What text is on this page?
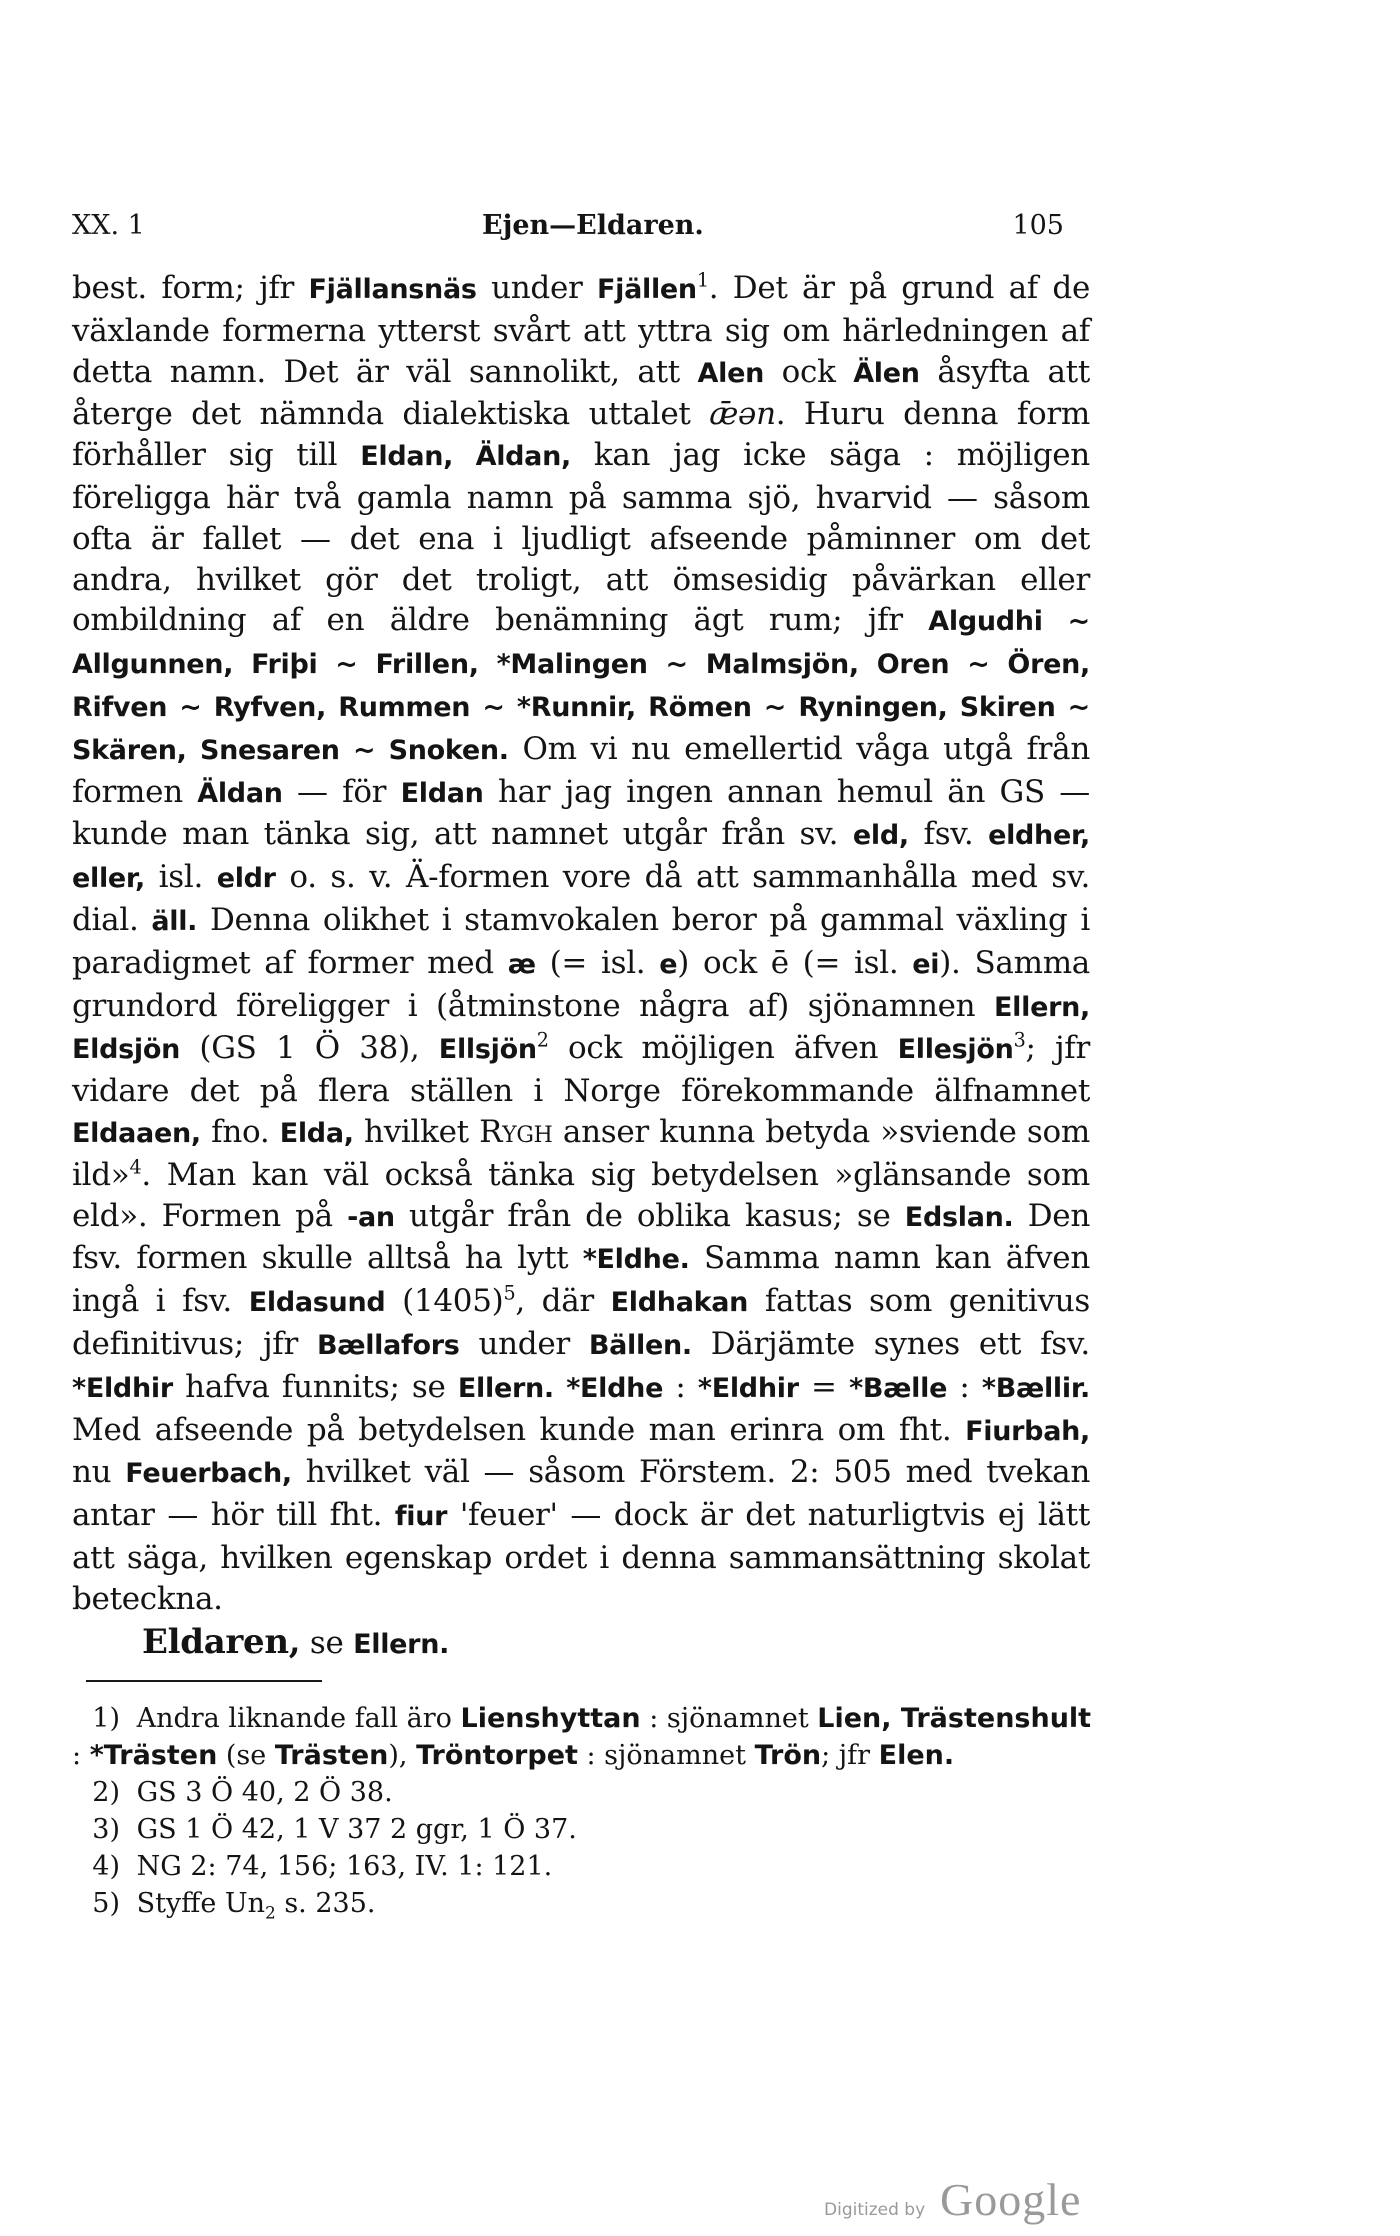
XX. 1	Ejen—Eldaren.	105

best. form; jfr Fjällansnäs under Fjällen$^1$. Det är på grund af de växlande formerna ytterst svårt att yttra sig om härledningen af detta namn. Det är väl sannolikt, att Alen ock Älen åsyfta att återge det nämnda dialektiska uttalet ǣən. Huru denna form förhåller sig till Eldan, Äldan, kan jag icke säga : möjligen föreligga här två gamla namn på samma sjö, hvarvid — såsom ofta är fallet — det ena i ljudligt afseende påminner om det andra, hvilket gör det troligt, att ömsesidig påvärkan eller ombildning af en äldre benämning ägt rum; jfr Algudhi ~ Allgunnen, Friþi ~ Frillen, *Malingen ~ Malmsjön, Oren ~ Ören, Rifven ~ Ryfven, Rummen ~ *Runnir, Römen ~ Ryningen, Skiren ~ Skären, Snesaren ~ Snoken. Om vi nu emellertid våga utgå från formen Äldan — för Eldan har jag ingen annan hemul än GS — kunde man tänka sig, att namnet utgår från sv. eld, fsv. eldher, eller, isl. eldr o. s. v. Ä-formen vore då att sammanhålla med sv. dial. äll. Denna olikhet i stamvokalen beror på gammal växling i paradigmet af former med æ (= isl. e) ock ē (= isl. ei). Samma grundord föreligger i (åtminstone några af) sjönamnen Ellern, Eldsjön (GS 1 Ö 38), Ellsjön$^2$ ock möjligen äfven Ellesjön$^3$; jfr vidare det på flera ställen i Norge förekommande älfnamnet Eldaaen, fno. Elda, hvilket Rygh anser kunna betyda »sviende som ild»$^4$. Man kan väl också tänka sig betydelsen »glänsande som eld». Formen på -an utgår från de oblika kasus; se Edslan. Den fsv. formen skulle alltså ha lytt *Eldhe. Samma namn kan äfven ingå i fsv. Eldasund $(1405)^5$, där Eldhakan fattas som genitivus definitivus; jfr Bællafors under Bällen. Därjämte synes ett fsv. *Eldhir hafva funnits; se Ellern. *Eldhe : *Eldhir = *Bælle : *Bællir. Med afseende på betydelsen kunde man erinra om fht. Fiurbah, nu Feuerbach, hvilket väl — såsom Förstem. 2: 505 med tvekan antar — hör till fht. fiur 'feuer' — dock är det naturligtvis ej lätt att säga, hvilken egenskap ordet i denna sammansättning skolat beteckna.

Eldaren, se Ellern.

1) Andra liknande fall äro Lienshyttan : sjönamnet Lien, Trästenshult : *Trästen (se Trästen), Tröntorpet : sjönamnet Trön; jfr Elen.

2) GS 3 Ö 40, 2 Ö 38.

3) GS 1 Ö 42, 1 V 37 2 ggr, 1 Ö 37.

4) NG 2: 74, 156; 163, IV. 1: 121.

5) Styffe $Un_2$ s. 235.

Digitized by Google
